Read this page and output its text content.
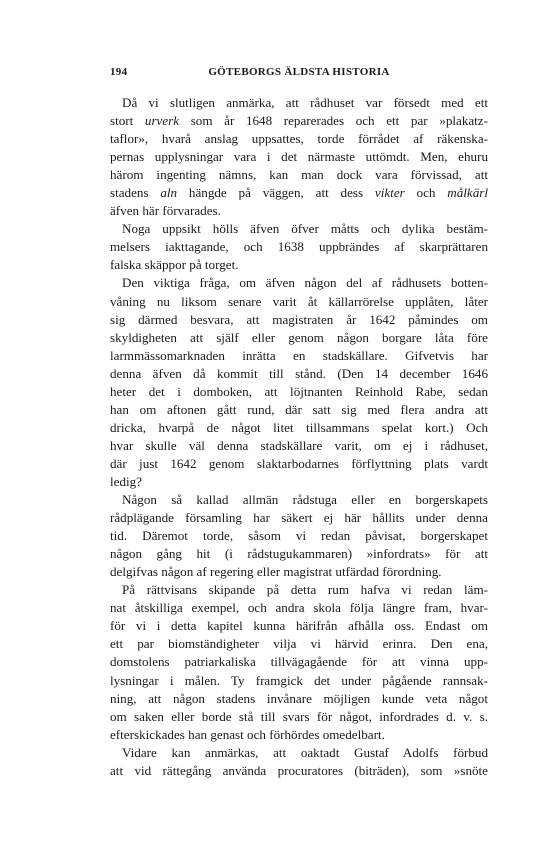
194	GÖTEBORGS ÄLDSTA HISTORIA
Då vi slutligen anmärka, att rådhuset var försedt med ett
stort urverk som år 1648 reparerades och ett par »plakatz-
taflor», hvarå anslag uppsattes, torde förrådet af räkenska-
pernas upplysningar vara i det närmaste uttömdt. Men, ehuru
härom ingenting nämns, kan man dock vara förvissad, att
stadens aln hängde på väggen, att dess vikter och målkärl
äfven här förvarades.
Noga uppsikt hölls äfven öfver måtts och dylika bestäm-
melsers iakttagande, och 1638 uppbrändes af skarprättaren
falska skäppor på torget.
Den viktiga fråga, om äfven någon del af rådhusets botten-
våning nu liksom senare varit åt källarrörelse upplåten, låter
sig därmed besvara, att magistraten år 1642 påmindes om
skyldigheten att själf eller genom någon borgare låta före
larmmässomarknaden inrätta en stadskällare. Gifvetvis har
denna äfven då kommit till stånd. (Den 14 december 1646
heter det i domboken, att löjtnanten Reinhold Rabe, sedan
han om aftonen gått rund, där satt sig med flera andra att
dricka, hvarpå de något litet tillsammans spelat kort.) Och
hvar skulle väl denna stadskällare varit, om ej i rådhuset,
där just 1642 genom slaktarbodarnes förflyttning plats vardt
ledig?
Någon så kallad allmän rådstuga eller en borgerskapets
rådplägande församling har säkert ej här hållits under denna
tid. Däremot torde, såsom vi redan påvisat, borgerskapet
någon gång hit (i rådstugukammaren) »infordrats» för att
delgifvas någon af regering eller magistrat utfärdad förordning.
På rättvisans skipande på detta rum hafva vi redan läm-
nat åtskilliga exempel, och andra skola följa längre fram, hvar-
för vi i detta kapitel kunna härifrån afhålla oss. Endast om
ett par biomständigheter vilja vi härvid erinra. Den ena,
domstolens patriarkaliska tillvägagående för att vinna upp-
lysningar i målen. Ty framgick det under pågående rannsak-
ning, att någon stadens invånare möjligen kunde veta något
om saken eller borde stå till svars för något, infordrades d. v. s.
efterskickades han genast och förhördes omedelbart.
Vidare kan anmärkas, att oaktadt Gustaf Adolfs förbud
att vid rättegång använda procuratores (biträden), som »snöte
